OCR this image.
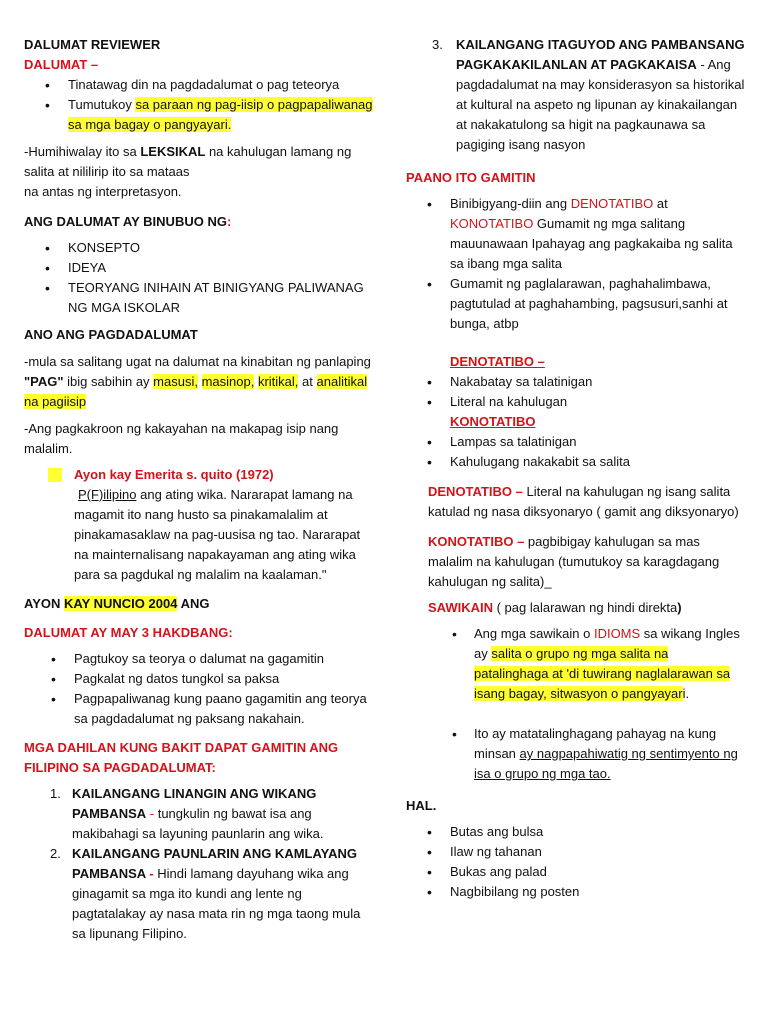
DALUMAT REVIEWER

DALUMAT –

• Tinatawag din na pagdadalumat o pag teteorya
• Tumutukoy sa paraan ng pag-iisip o pagpapaliwanag sa mga bagay o pangyayari.

-Humihiwalay ito sa LEKSIKAL na kahulugan lamang ng salita at nililirip ito sa mataas
na antas ng interpretasyon.

ANG DALUMAT AY BINUBUO NG:

• KONSEPTO
• IDEYA
• TEORYANG INIHAIN AT BINIGYANG PALIWANAG NG MGA ISKOLAR

ANO ANG PAGDADALUMAT

-mula sa salitang ugat na dalumat na kinabitan ng panlaping "PAG" ibig sabihin ay masusi, masinop, kritikal, at analitikal na pagiisip

-Ang pagkakroon ng kakayahan na makapag isip nang malalim.

• Ayon kay Emerita s. quito (1972)

P(F)ilipino ang ating wika. Nararapat lamang na magamit ito nang husto sa pinakamalalim at pinakamasaklaw na pag-uusisa ng tao. Nararapat na mainternalisang napakayaman ang ating wika para sa pagdukal ng malalim na kaalaman."

AYON KAY NUNCIO 2004 ANG

DALUMAT AY MAY 3 HAKDBANG:

• Pagtukoy sa teorya o dalumat na gagamitin
• Pagkalat ng datos tungkol sa paksa
• Pagpapaliwanag kung paano gagamitin ang teorya sa pagdadalumat ng paksang nakahain.

MGA DAHILAN KUNG BAKIT DAPAT GAMITIN ANG FILIPINO SA PAGDADALUMAT:

1. KAILANGANG LINANGIN ANG WIKANG PAMBANSA - tungkulin ng bawat isa ang makibahagi sa layuning paunlarin ang wika.
2. KAILANGANG PAUNLARIN ANG KAMLAYANG PAMBANSA - Hindi lamang dayuhang wika ang ginagamit sa mga ito kundi ang lente ng pagtatalakay ay nasa mata rin ng mga taong mula sa lipunang Filipino.
3. KAILANGANG ITAGUYOD ANG PAMBANSANG PAGKAKAKILANLAN AT PAGKAKAISA - Ang pagdadalumat na may konsiderasyon sa historikal at kultural na aspeto ng lipunan ay kinakailangan at nakakatulong sa higit na pagkaunawa sa pagiging isang nasyon

PAANO ITO GAMITIN

• Binibigyang-diin ang DENOTATIBO at KONOTATIBO Gumamit ng mga salitang mauunawaan Ipahayag ang pagkakaiba ng salita sa ibang mga salita
• Gumamit ng paglalarawan, paghahalimbawa, pagtutulad at paghahambing, pagsusuri,sanhi at bunga, atbp

DENOTATIBO –

• Nakabatay sa talatinigan
• Literal na kahulugan

KONOTATIBO

• Lampas sa talatinigan
• Kahulugang nakakabit sa salita

DENOTATIBO – Literal na kahulugan ng isang salita katulad ng nasa diksyonaryo ( gamit ang diksyonaryo)

KONOTATIBO – pagbibigay kahulugan sa mas malalim na kahulugan (tumutukoy sa karagdagang kahulugan ng salita)_

SAWIKAIN ( pag lalarawan ng hindi direkta)

• Ang mga sawikain o IDIOMS sa wikang Ingles ay salita o grupo ng mga salita na patalinghaga at 'di tuwirang naglalarawan sa isang bagay, sitwasyon o pangyayari.
• Ito ay matatalinghagang pahayag na kung minsan ay nagpapahiwatig ng sentimyento ng isa o grupo ng mga tao.

HAL.

• Butas ang bulsa
• Ilaw ng tahanan
• Bukas ang palad
• Nagbibilang ng posten
